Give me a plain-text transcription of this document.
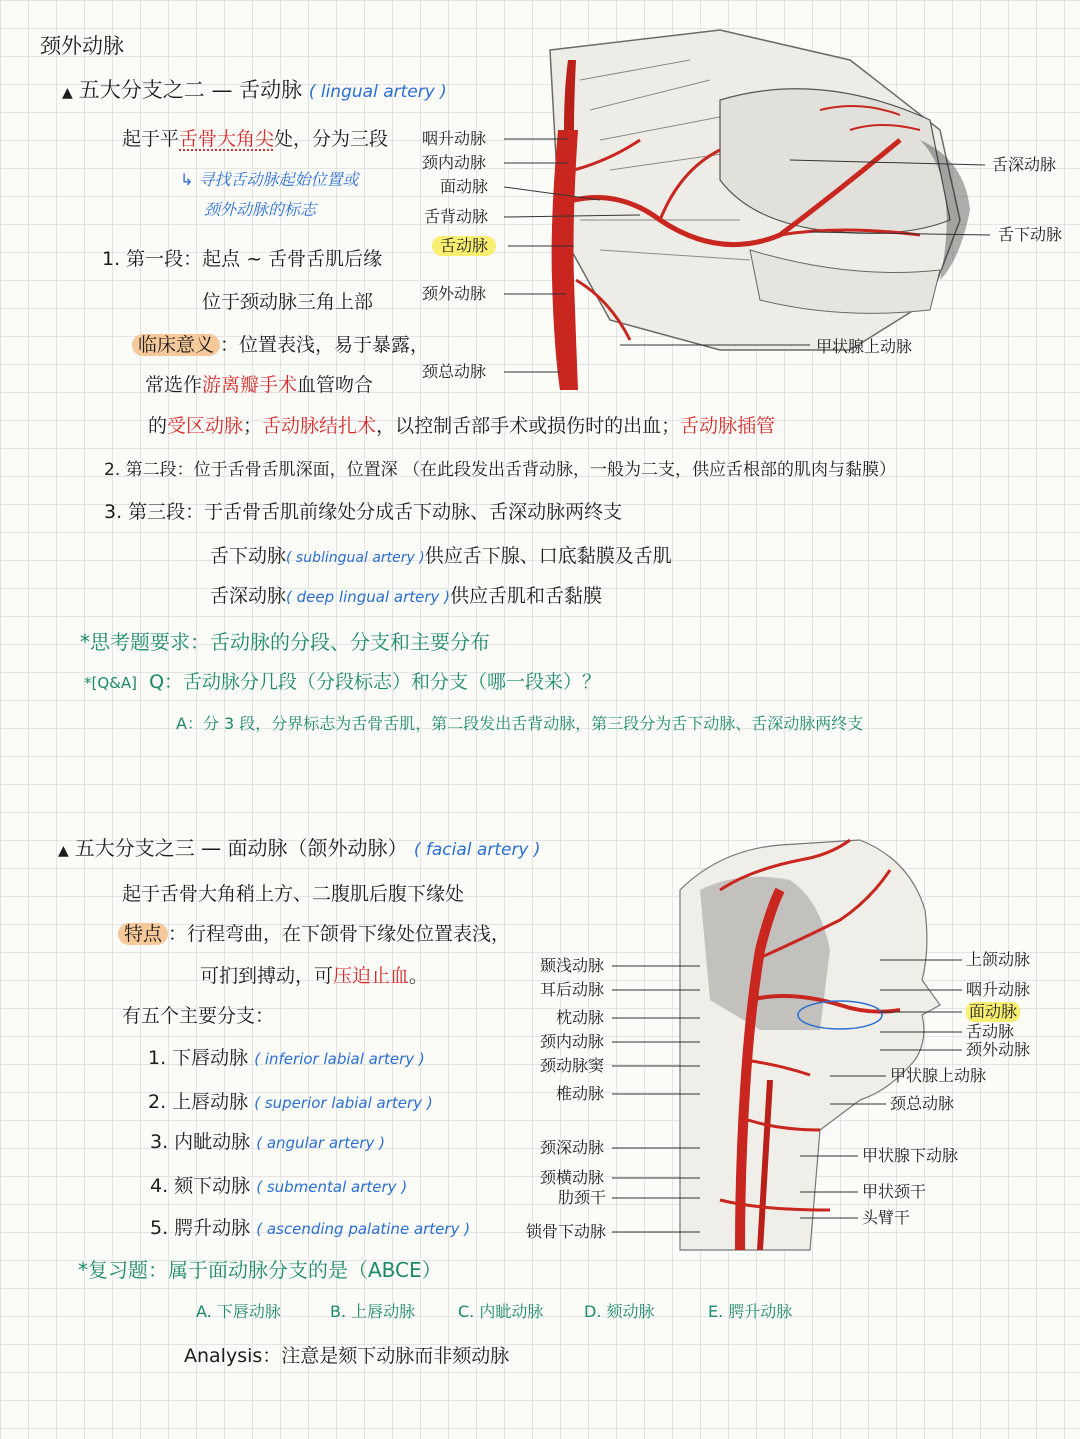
颈外动脉
▲ 五大分支之二 — 舌动脉 ( lingual artery )
起于平舌骨大角尖处，分为三段
↳ 寻找舌动脉起始位置或
颈外动脉的标志
1. 第一段：起点 ~ 舌骨舌肌后缘
位于颈动脉三角上部
临床意义 ：位置表浅，易于暴露，
常选作游离瓣手术血管吻合
的受区动脉；舌动脉结扎术，以控制舌部手术或损伤时的出血；舌动脉插管
2. 第二段：位于舌骨舌肌深面，位置深 （在此段发出舌背动脉，一般为二支，供应舌根部的肌肉与黏膜）
3. 第三段：于舌骨舌肌前缘处分成舌下动脉、舌深动脉两终支
舌下动脉( sublingual artery )供应舌下腺、口底黏膜及舌肌
舌深动脉( deep lingual artery )供应舌肌和舌黏膜
*思考题要求：舌动脉的分段、分支和主要分布
*[Q&A] Q：舌动脉分几段（分段标志）和分支（哪一段来）？
A：分 3 段，分界标志为舌骨舌肌，第二段发出舌背动脉，第三段分为舌下动脉、舌深动脉两终支
咽升动脉
颈内动脉
面动脉
舌背动脉
舌动脉
颈外动脉
颈总动脉
舌深动脉
舌下动脉
甲状腺上动脉
▲ 五大分支之三 — 面动脉（颌外动脉） ( facial artery )
起于舌骨大角稍上方、二腹肌后腹下缘处
特点 ：行程弯曲，在下颌骨下缘处位置表浅，
可扪到搏动，可压迫止血。
有五个主要分支：
1. 下唇动脉 ( inferior labial artery )
2. 上唇动脉 ( superior labial artery )
3. 内眦动脉 ( angular artery )
4. 颏下动脉 ( submental artery )
5. 腭升动脉 ( ascending palatine artery )
*复习题：属于面动脉分支的是（ABCE）
A. 下唇动脉	B. 上唇动脉	C. 内眦动脉	D. 颏动脉	E. 腭升动脉
Analysis：注意是颏下动脉而非颏动脉
颞浅动脉
耳后动脉
枕动脉
颈内动脉
颈动脉窦
椎动脉
颈深动脉
颈横动脉
肋颈干
锁骨下动脉
上颌动脉
咽升动脉
面动脉
舌动脉
颈外动脉
甲状腺上动脉
颈总动脉
甲状腺下动脉
甲状颈干
头臂干
